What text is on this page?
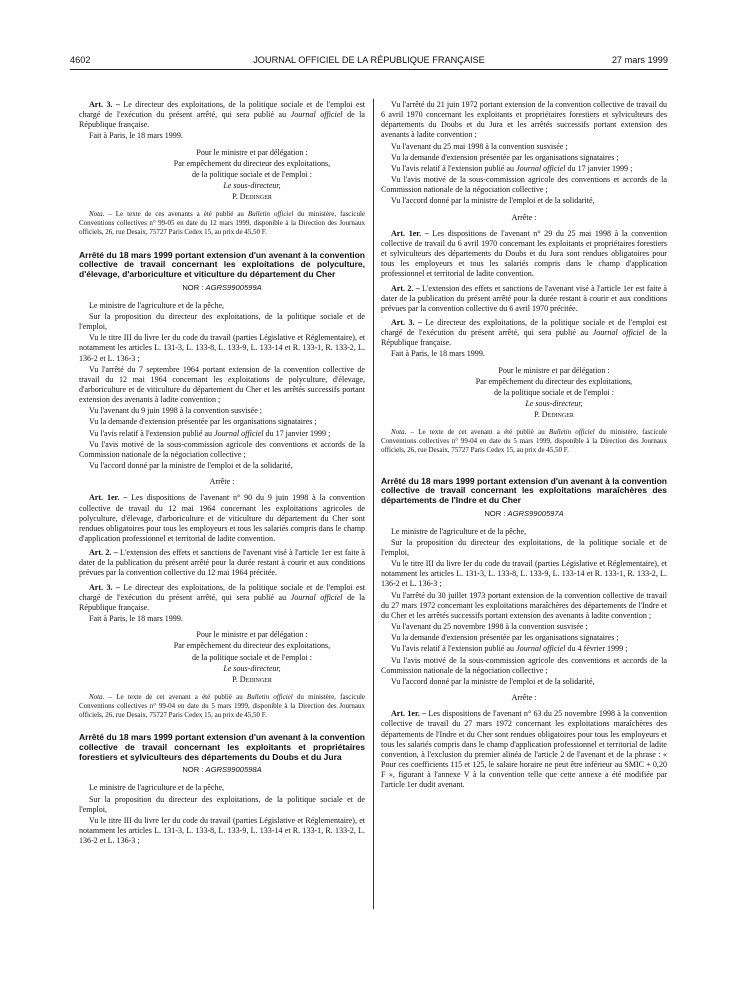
4602	JOURNAL OFFICIEL DE LA RÉPUBLIQUE FRANÇAISE	27 mars 1999

Art. 3. – Le directeur des exploitations, de la politique sociale et de l'emploi est chargé de l'exécution du présent arrêté, qui sera publié au Journal officiel de la République française.

Fait à Paris, le 18 mars 1999.

Pour le ministre et par délégation :

Par empêchement du directeur des exploitations,

de la politique sociale et de l'emploi :

Le sous-directeur,

P. Dedinger

Nota. – Le texte de ces avenants a été publié au Bulletin officiel du ministère, fascicule Conventions collectives n° 99-05 en date du 12 mars 1999, disponible à la Direction des Journaux officiels, 26, rue Desaix, 75727 Paris Cedex 15, au prix de 45,50 F.

Arrêté du 18 mars 1999 portant extension d'un avenant à la convention collective de travail concernant les exploitations de polyculture, d'élevage, d'arboriculture et viticulture du département du Cher
NOR : AGRS9900599A

Le ministre de l'agriculture et de la pêche,

Sur la proposition du directeur des exploitations, de la politique sociale et de l'emploi,

Vu le titre III du livre Ier du code du travail (parties Législative et Réglementaire), et notamment les articles L. 131-3, L. 133-8, L. 133-9, L. 133-14 et R. 133-1, R. 133-2, L. 136-2 et L. 136-3 ;

Vu l'arrêté du 7 septembre 1964 portant extension de la convention collective de travail du 12 mai 1964 concernant les exploitations de polyculture, d'élevage, d'arboriculture et de viticulture du département du Cher et les arrêtés successifs portant extension des avenants à ladite convention ;

Vu l'avenant du 9 juin 1998 à la convention susvisée ;

Vu la demande d'extension présentée par les organisations signataires ;

Vu l'avis relatif à l'extension publié au Journal officiel du 17 janvier 1999 ;

Vu l'avis motivé de la sous-commission agricole des conventions et accords de la Commission nationale de la négociation collective ;

Vu l'accord donné par la ministre de l'emploi et de la solidarité,

Arrête :

Art. 1er. – Les dispositions de l'avenant n° 90 du 9 juin 1998 à la convention collective de travail du 12 mai 1964 concernant les exploitations agricoles de polyculture, d'élevage, d'arboriculture et de viticulture du département du Cher sont rendues obligatoires pour tous les employeurs et tous les salariés compris dans le champ d'application professionnel et territorial de ladite convention.

Art. 2. – L'extension des effets et sanctions de l'avenant visé à l'article 1er est faite à dater de la publication du présent arrêté pour la durée restant à courir et aux conditions prévues par la convention collective du 12 mai 1964 précitée.

Art. 3. – Le directeur des exploitations, de la politique sociale et de l'emploi est chargé de l'exécution du présent arrêté, qui sera publié au Journal officiel de la République française.

Fait à Paris, le 18 mars 1999.

Pour le ministre et par délégation :

Par empêchement du directeur des exploitations,

de la politique sociale et de l'emploi :

Le sous-directeur,

P. Dedinger

Nota. – Le texte de cet avenant a été publié au Bulletin officiel du ministère, fascicule Conventions collectives n° 99-04 en date du 5 mars 1999, disponible à la Direction des Journaux officiels, 26, rue Desaix, 75727 Paris Cedex 15, au prix de 45,50 F.

Arrêté du 18 mars 1999 portant extension d'un avenant à la convention collective de travail concernant les exploitants et propriétaires forestiers et sylviculteurs des départements du Doubs et du Jura
NOR : AGRS9900598A

Le ministre de l'agriculture et de la pêche,

Sur la proposition du directeur des exploitations, de la politique sociale et de l'emploi,

Vu le titre III du livre Ier du code du travail (parties Législative et Réglementaire), et notamment les articles L. 131-3, L. 133-8, L. 133-9, L. 133-14 et R. 133-1, R. 133-2, L. 136-2 et L. 136-3 ;

Vu l'arrêté du 21 juin 1972 portant extension de la convention collective de travail du 6 avril 1970 concernant les exploitants et propriétaires forestiers et sylviculteurs des départements du Doubs et du Jura et les arrêtés successifs portant extension des avenants à ladite convention ;

Vu l'avenant du 25 mai 1998 à la convention susvisée ;

Vu la demande d'extension présentée par les organisations signataires ;

Vu l'avis relatif à l'extension publié au Journal officiel du 17 janvier 1999 ;

Vu l'avis motivé de la sous-commission agricole des conventions et accords de la Commission nationale de la négociation collective ;

Vu l'accord donné par la ministre de l'emploi et de la solidarité,

Arrête :

Art. 1er. – Les dispositions de l'avenant n° 29 du 25 mai 1998 à la convention collective de travail du 6 avril 1970 concernant les exploitants et propriétaires forestiers et sylviculteurs des départements du Doubs et du Jura sont rendues obligatoires pour tous les employeurs et tous les salariés compris dans le champ d'application professionnel et territorial de ladite convention.

Art. 2. – L'extension des effets et sanctions de l'avenant visé à l'article 1er est faite à dater de la publication du présent arrêté pour la durée restant à courir et aux conditions prévues par la convention collective du 6 avril 1970 précitée.

Art. 3. – Le directeur des exploitations, de la politique sociale et de l'emploi est chargé de l'exécution du présent arrêté, qui sera publié au Journal officiel de la République française.

Fait à Paris, le 18 mars 1999.

Pour le ministre et par délégation :

Par empêchement du directeur des exploitations,

de la politique sociale et de l'emploi :

Le sous-directeur,

P. Dedinger

Nota. – Le texte de cet avenant a été publié au Bulletin officiel du ministère, fascicule Conventions collectives n° 99-04 en date du 5 mars 1999, disponible à la Direction des Journaux officiels, 26, rue Desaix, 75727 Paris Cedex 15, au prix de 45,50 F.

Arrêté du 18 mars 1999 portant extension d'un avenant à la convention collective de travail concernant les exploitations maraîchères des départements de l'Indre et du Cher
NOR : AGRS9900597A

Le ministre de l'agriculture et de la pêche,

Sur la proposition du directeur des exploitations, de la politique sociale et de l'emploi,

Vu le titre III du livre Ier du code du travail (parties Législative et Réglementaire), et notamment les articles L. 131-3, L. 133-8, L. 133-9, L. 133-14 et R. 133-1, R. 133-2, L. 136-2 et L. 136-3 ;

Vu l'arrêté du 30 juillet 1973 portant extension de la convention collective de travail du 27 mars 1972 concernant les exploitations maraîchères des départements de l'Indre et du Cher et les arrêtés successifs portant extension des avenants à ladite convention ;

Vu l'avenant du 25 novembre 1998 à la convention susvisée ;

Vu la demande d'extension présentée par les organisations signataires ;

Vu l'avis relatif à l'extension publié au Journal officiel du 4 février 1999 ;

Vu l'avis motivé de la sous-commission agricole des conventions et accords de la Commission nationale de la négociation collective ;

Vu l'accord donné par la ministre de l'emploi et de la solidarité,

Arrête :

Art. 1er. – Les dispositions de l'avenant n° 63 du 25 novembre 1998 à la convention collective de travail du 27 mars 1972 concernant les exploitations maraîchères des départements de l'Indre et du Cher sont rendues obligatoires pour tous les employeurs et tous les salariés compris dans le champ d'application professionnel et territorial de ladite convention, à l'exclusion du premier alinéa de l'article 2 de l'avenant et de la phrase : « Pour ces coefficients 115 et 125, le salaire horaire ne peut être inférieur au SMIC + 0,20 F », figurant à l'annexe V à la convention telle que cette annexe a été modifiée par l'article 1er dudit avenant.
